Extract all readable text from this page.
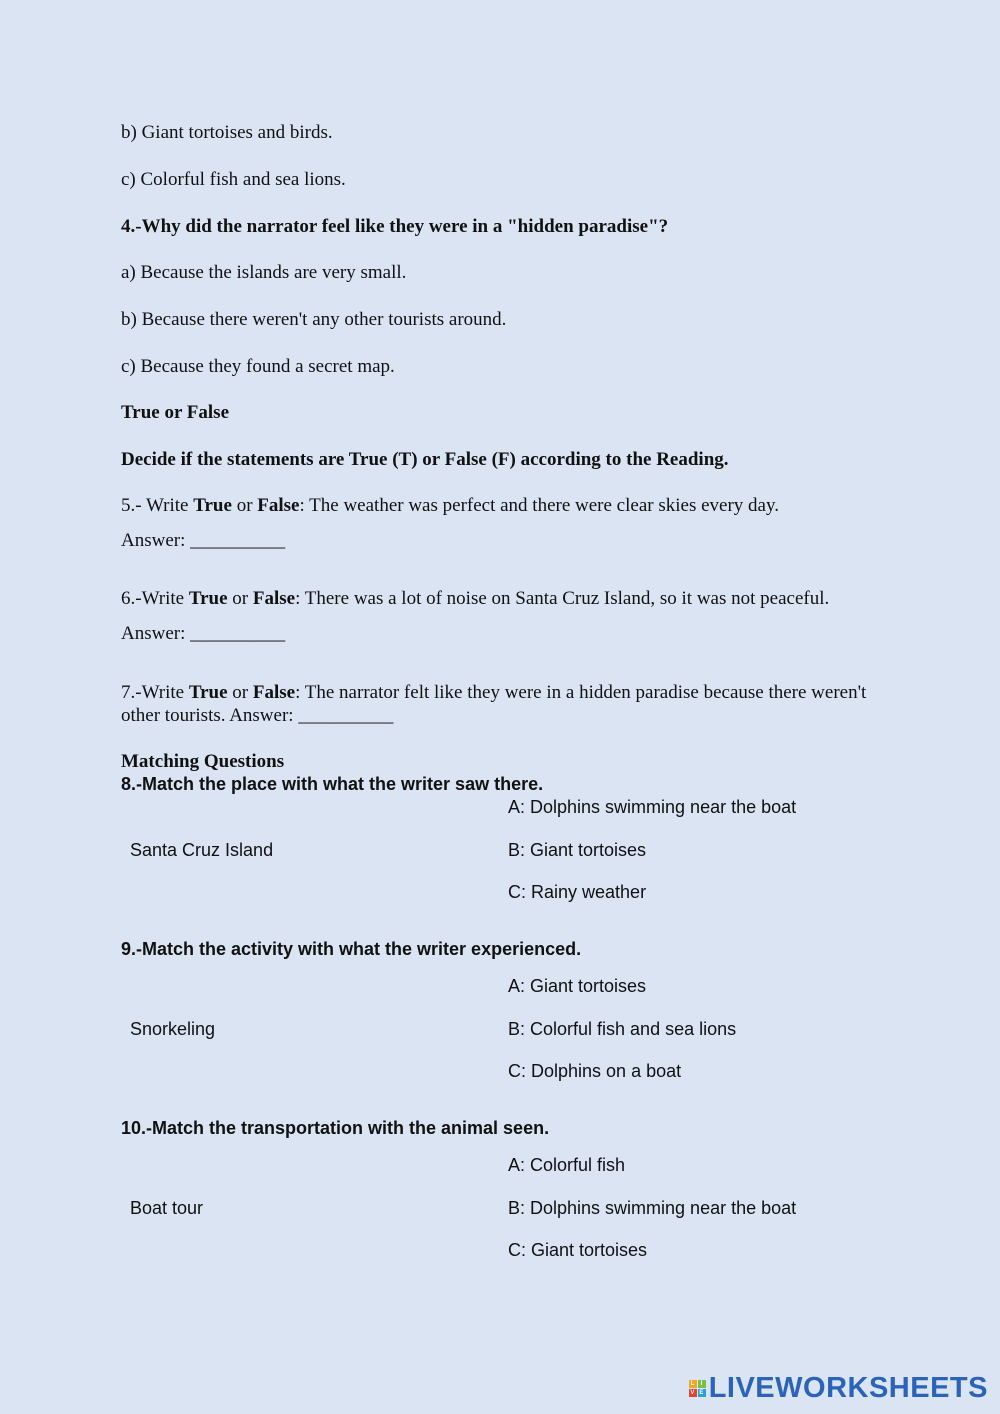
b) Giant tortoises and birds.
c) Colorful fish and sea lions.
4.-Why did the narrator feel like they were in a "hidden paradise"?
a) Because the islands are very small.
b) Because there weren't any other tourists around.
c) Because they found a secret map.
True or False
Decide if the statements are True (T) or False (F) according to the Reading.
5.- Write True or False: The weather was perfect and there were clear skies every day.
Answer: __________
6.-Write True or False: There was a lot of noise on Santa Cruz Island, so it was not peaceful.
Answer: __________
7.-Write True or False: The narrator felt like they were in a hidden paradise because there weren't other tourists. Answer: __________
Matching Questions
8.-Match the place with what the writer saw there.
A: Dolphins swimming near the boat
Santa Cruz Island	B: Giant tortoises
C: Rainy weather
9.-Match the activity with what the writer experienced.
A: Giant tortoises
Snorkeling	B: Colorful fish and sea lions
C: Dolphins on a boat
10.-Match the transportation with the animal seen.
A: Colorful fish
Boat tour	B: Dolphins swimming near the boat
C: Giant tortoises
L I
V E LIVEWORKSHEETS
